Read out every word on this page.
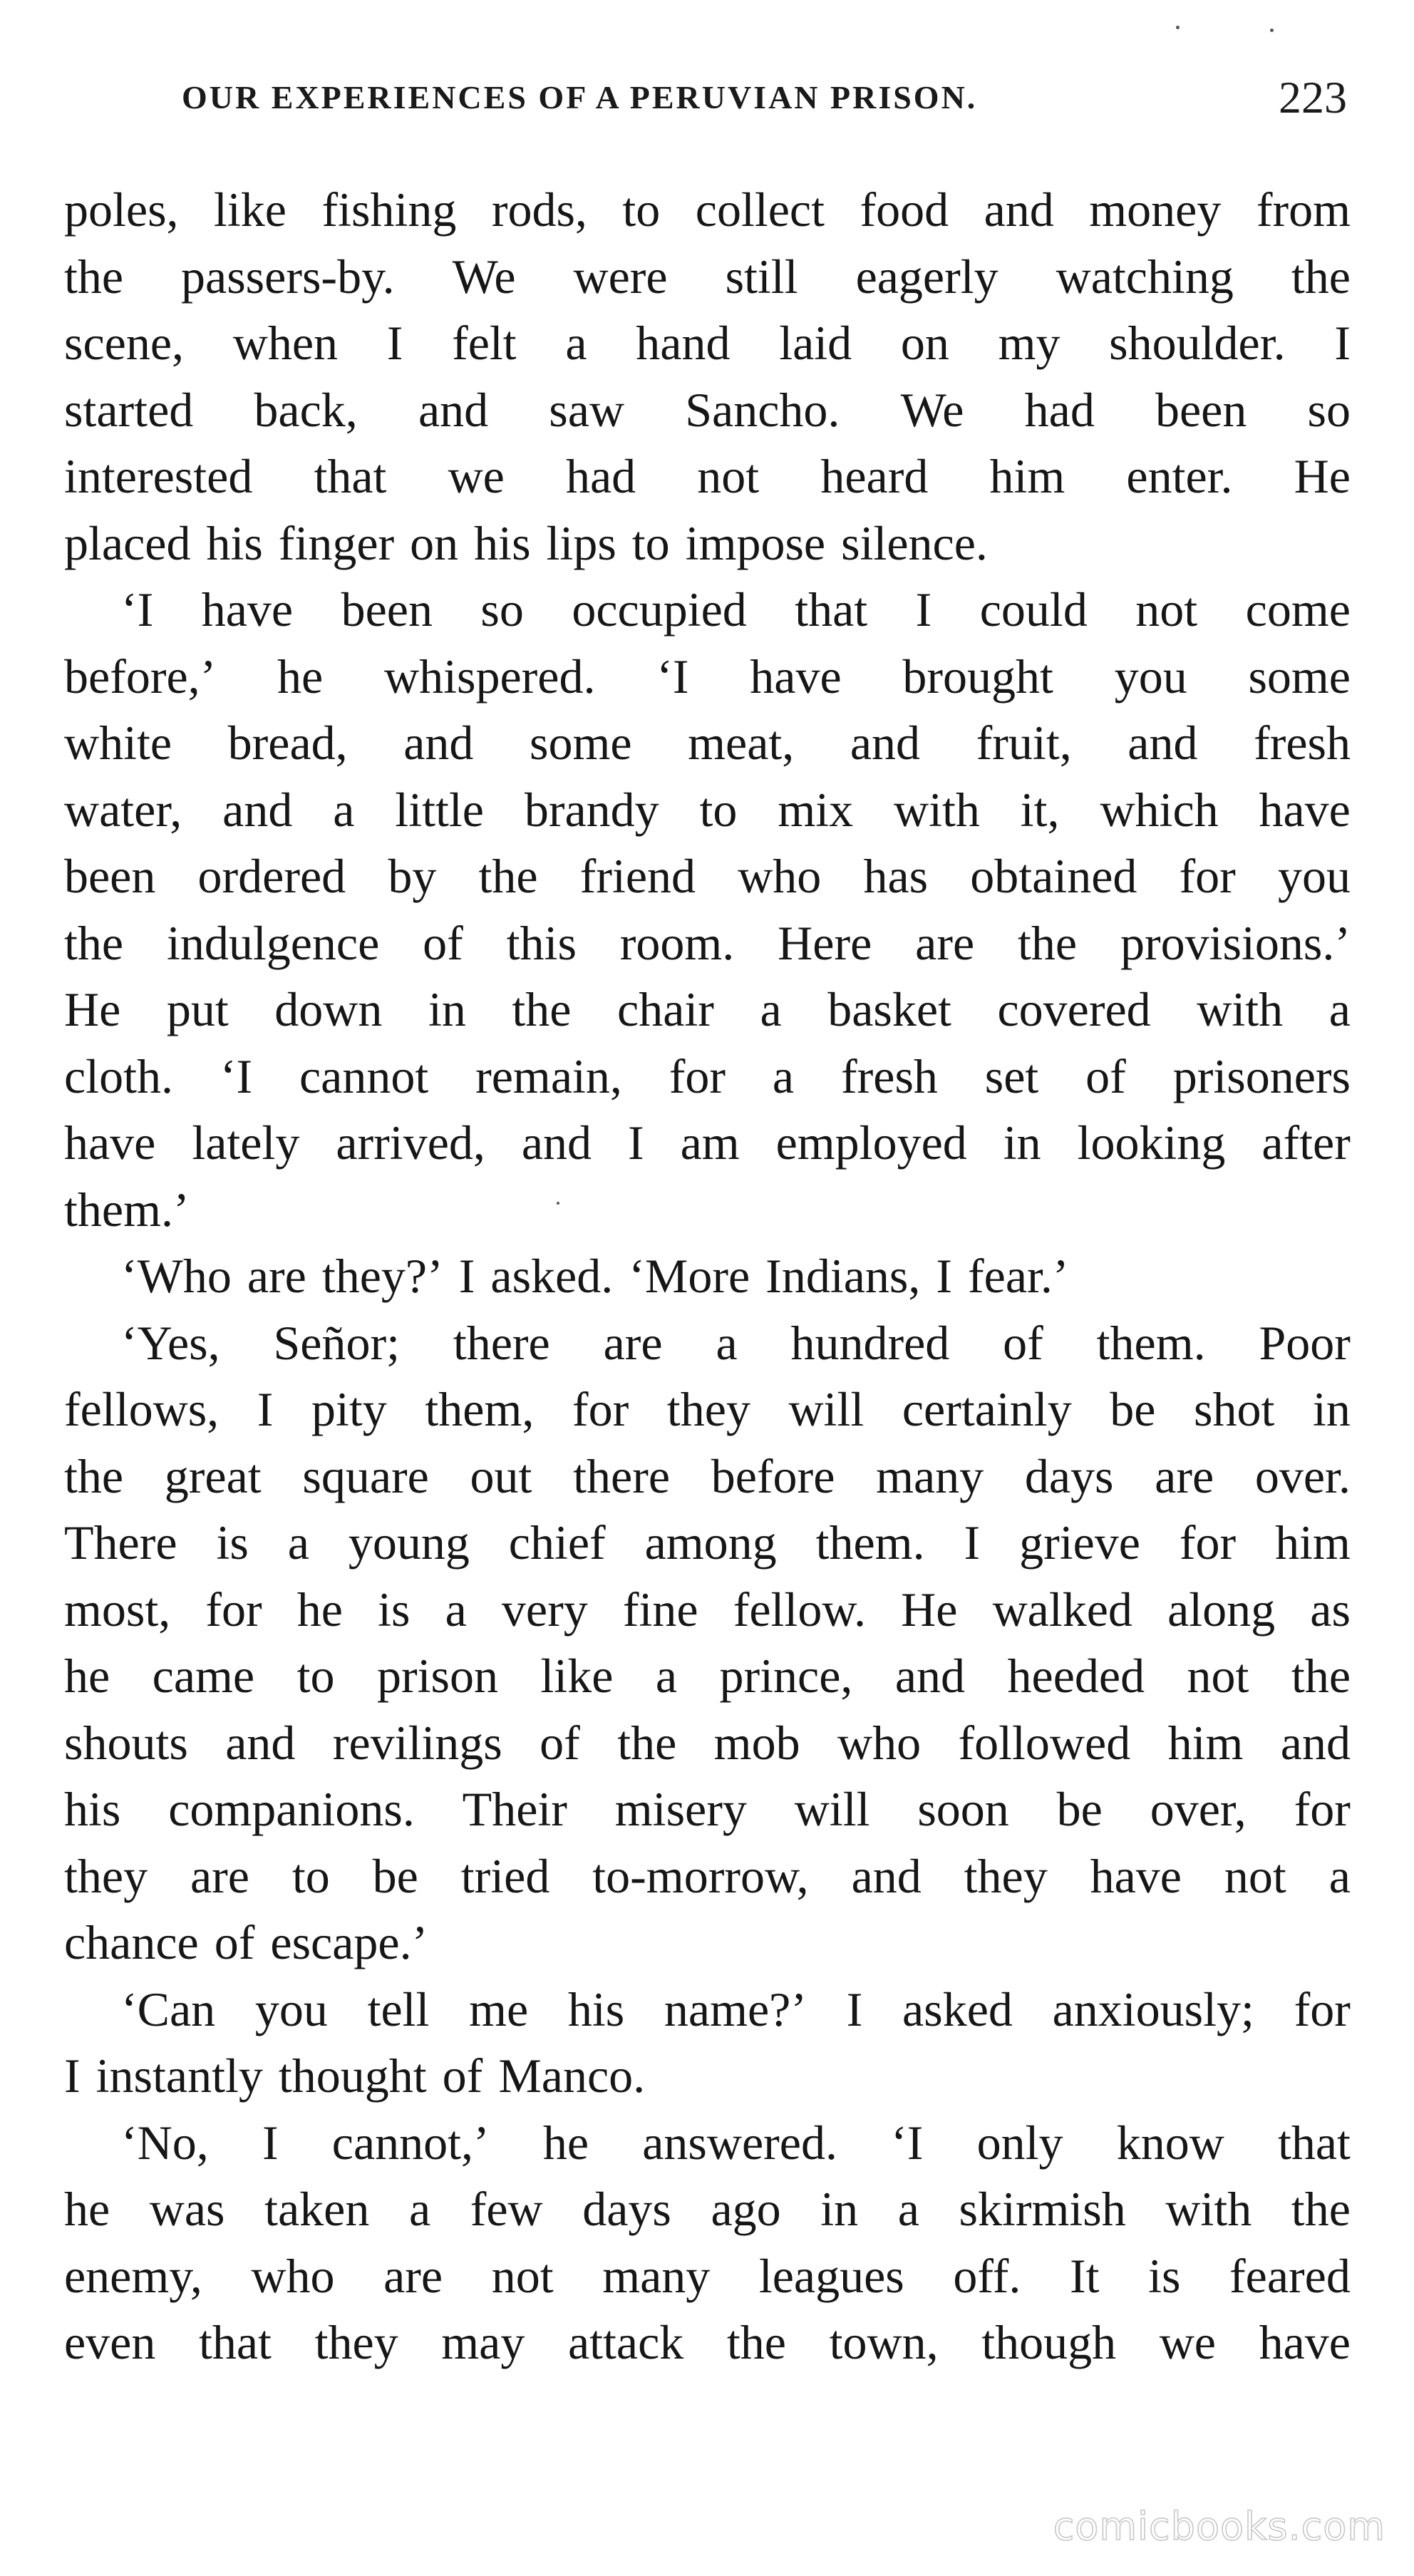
OUR EXPERIENCES OF A PERUVIAN PRISON.	223
poles, like fishing rods, to collect food and money from
the passers-by. We were still eagerly watching the
scene, when I felt a hand laid on my shoulder. I
started back, and saw Sancho. We had been so
interested that we had not heard him enter. He
placed his finger on his lips to impose silence.
‘I have been so occupied that I could not come
before,’ he whispered. ‘I have brought you some
white bread, and some meat, and fruit, and fresh
water, and a little brandy to mix with it, which have
been ordered by the friend who has obtained for you
the indulgence of this room. Here are the provisions.’
He put down in the chair a basket covered with a
cloth. ‘I cannot remain, for a fresh set of prisoners
have lately arrived, and I am employed in looking after
them.’
‘Who are they?’ I asked. ‘More Indians, I fear.’
‘Yes, Señor; there are a hundred of them. Poor
fellows, I pity them, for they will certainly be shot in
the great square out there before many days are over.
There is a young chief among them. I grieve for him
most, for he is a very fine fellow. He walked along as
he came to prison like a prince, and heeded not the
shouts and revilings of the mob who followed him and
his companions. Their misery will soon be over, for
they are to be tried to-morrow, and they have not a
chance of escape.’
‘Can you tell me his name?’ I asked anxiously; for
I instantly thought of Manco.
‘No, I cannot,’ he answered. ‘I only know that
he was taken a few days ago in a skirmish with the
enemy, who are not many leagues off. It is feared
even that they may attack the town, though we have
comicbooks.com
